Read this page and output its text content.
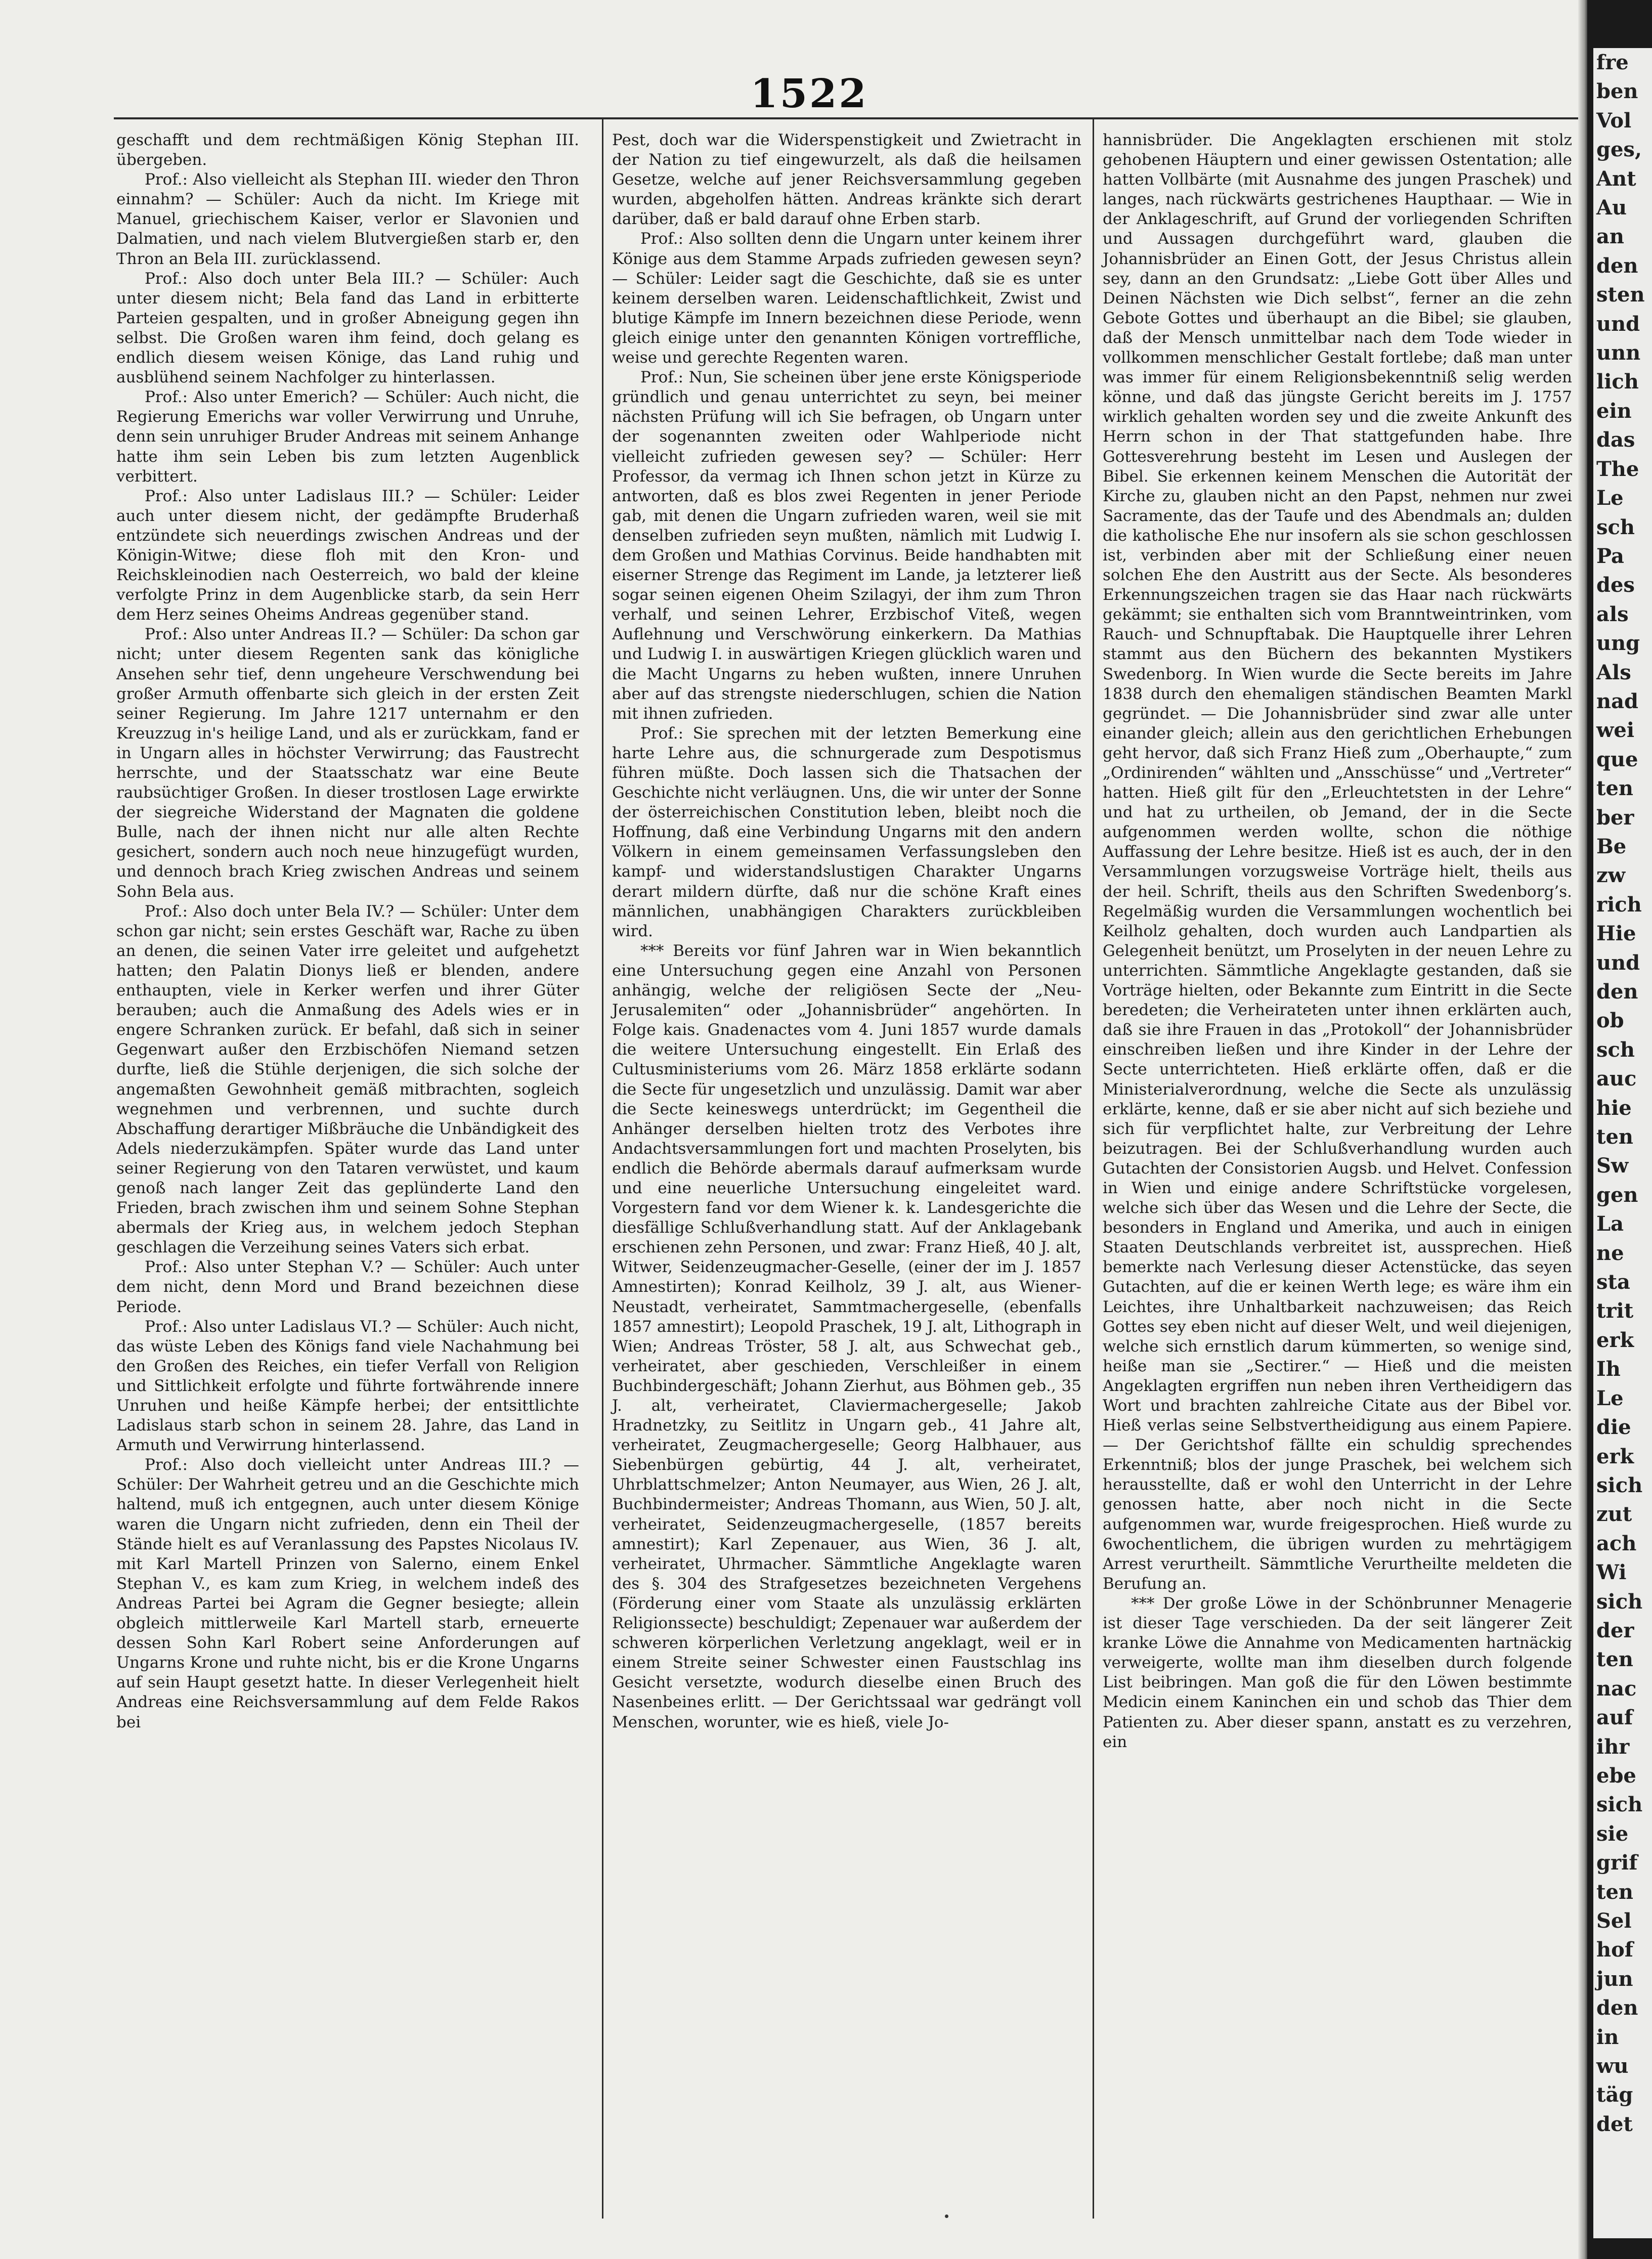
1522

geschafft und dem rechtmäßigen König Stephan III. übergeben.

Prof.: Also vielleicht als Stephan III. wieder den Thron einnahm? — Schüler: Auch da nicht. Im Kriege mit Manuel, griechischem Kaiser, verlor er Slavonien und Dalmatien, und nach vielem Blutvergießen starb er, den Thron an Bela III. zurücklassend.

Prof.: Also doch unter Bela III.? — Schüler: Auch unter diesem nicht; Bela fand das Land in erbitterte Parteien gespalten, und in großer Abneigung gegen ihn selbst. Die Großen waren ihm feind, doch gelang es endlich diesem weisen Könige, das Land ruhig und ausblühend seinem Nachfolger zu hinterlassen.

Prof.: Also unter Emerich? — Schüler: Auch nicht, die Regierung Emerichs war voller Verwirrung und Unruhe, denn sein unruhiger Bruder Andreas mit seinem Anhange hatte ihm sein Leben bis zum letzten Augenblick verbittert.

Prof.: Also unter Ladislaus III.? — Schüler: Leider auch unter diesem nicht, der gedämpfte Bruderhaß entzündete sich neuerdings zwischen Andreas und der Königin-Witwe; diese floh mit den Kron- und Reichskleinodien nach Oesterreich, wo bald der kleine verfolgte Prinz in dem Augenblicke starb, da sein Herr dem Herz seines Oheims Andreas gegenüber stand.

Prof.: Also unter Andreas II.? — Schüler: Da schon gar nicht; unter diesem Regenten sank das königliche Ansehen sehr tief, denn ungeheure Verschwendung bei großer Armuth offenbarte sich gleich in der ersten Zeit seiner Regierung. Im Jahre 1217 unternahm er den Kreuzzug in's heilige Land, und als er zurückkam, fand er in Ungarn alles in höchster Verwirrung; das Faustrecht herrschte, und der Staatsschatz war eine Beute raubsüchtiger Großen. In dieser trostlosen Lage erwirkte der siegreiche Widerstand der Magnaten die goldene Bulle, nach der ihnen nicht nur alle alten Rechte gesichert, sondern auch noch neue hinzugefügt wurden, und dennoch brach Krieg zwischen Andreas und seinem Sohn Bela aus.

Prof.: Also doch unter Bela IV.? — Schüler: Unter dem schon gar nicht; sein erstes Geschäft war, Rache zu üben an denen, die seinen Vater irre geleitet und aufgehetzt hatten; den Palatin Dionys ließ er blenden, andere enthaupten, viele in Kerker werfen und ihrer Güter berauben; auch die Anmaßung des Adels wies er in engere Schranken zurück. Er befahl, daß sich in seiner Gegenwart außer den Erzbischöfen Niemand setzen durfte, ließ die Stühle derjenigen, die sich solche der angemaßten Gewohnheit gemäß mitbrachten, sogleich wegnehmen und verbrennen, und suchte durch Abschaffung derartiger Mißbräuche die Unbändigkeit des Adels niederzukämpfen. Später wurde das Land unter seiner Regierung von den Tataren verwüstet, und kaum genoß nach langer Zeit das geplünderte Land den Frieden, brach zwischen ihm und seinem Sohne Stephan abermals der Krieg aus, in welchem jedoch Stephan geschlagen die Verzeihung seines Vaters sich erbat.

Prof.: Also unter Stephan V.? — Schüler: Auch unter dem nicht, denn Mord und Brand bezeichnen diese Periode.

Prof.: Also unter Ladislaus VI.? — Schüler: Auch nicht, das wüste Leben des Königs fand viele Nachahmung bei den Großen des Reiches, ein tiefer Verfall von Religion und Sittlichkeit erfolgte und führte fortwährende innere Unruhen und heiße Kämpfe herbei; der entsittlichte Ladislaus starb schon in seinem 28. Jahre, das Land in Armuth und Verwirrung hinterlassend.

Prof.: Also doch vielleicht unter Andreas III.? — Schüler: Der Wahrheit getreu und an die Geschichte mich haltend, muß ich entgegnen, auch unter diesem Könige waren die Ungarn nicht zufrieden, denn ein Theil der Stände hielt es auf Veranlassung des Papstes Nicolaus IV. mit Karl Martell Prinzen von Salerno, einem Enkel Stephan V., es kam zum Krieg, in welchem indeß des Andreas Partei bei Agram die Gegner besiegte; allein obgleich mittlerweile Karl Martell starb, erneuerte dessen Sohn Karl Robert seine Anforderungen auf Ungarns Krone und ruhte nicht, bis er die Krone Ungarns auf sein Haupt gesetzt hatte. In dieser Verlegenheit hielt Andreas eine Reichsversammlung auf dem Felde Rakos bei

Pest, doch war die Widerspenstigkeit und Zwietracht in der Nation zu tief eingewurzelt, als daß die heilsamen Gesetze, welche auf jener Reichsversammlung gegeben wurden, abgeholfen hätten. Andreas kränkte sich derart darüber, daß er bald darauf ohne Erben starb.

Prof.: Also sollten denn die Ungarn unter keinem ihrer Könige aus dem Stamme Arpads zufrieden gewesen seyn? — Schüler: Leider sagt die Geschichte, daß sie es unter keinem derselben waren. Leidenschaftlichkeit, Zwist und blutige Kämpfe im Innern bezeichnen diese Periode, wenn gleich einige unter den genannten Königen vortreffliche, weise und gerechte Regenten waren.

Prof.: Nun, Sie scheinen über jene erste Königsperiode gründlich und genau unterrichtet zu seyn, bei meiner nächsten Prüfung will ich Sie befragen, ob Ungarn unter der sogenannten zweiten oder Wahlperiode nicht vielleicht zufrieden gewesen sey? — Schüler: Herr Professor, da vermag ich Ihnen schon jetzt in Kürze zu antworten, daß es blos zwei Regenten in jener Periode gab, mit denen die Ungarn zufrieden waren, weil sie mit denselben zufrieden seyn mußten, nämlich mit Ludwig I. dem Großen und Mathias Corvinus. Beide handhabten mit eiserner Strenge das Regiment im Lande, ja letzterer ließ sogar seinen eigenen Oheim Szilagyi, der ihm zum Thron verhalf, und seinen Lehrer, Erzbischof Viteß, wegen Auflehnung und Verschwörung einkerkern. Da Mathias und Ludwig I. in auswärtigen Kriegen glücklich waren und die Macht Ungarns zu heben wußten, innere Unruhen aber auf das strengste niederschlugen, schien die Nation mit ihnen zufrieden.

Prof.: Sie sprechen mit der letzten Bemerkung eine harte Lehre aus, die schnurgerade zum Despotismus führen müßte. Doch lassen sich die Thatsachen der Geschichte nicht verläugnen. Uns, die wir unter der Sonne der österreichischen Constitution leben, bleibt noch die Hoffnung, daß eine Verbindung Ungarns mit den andern Völkern in einem gemeinsamen Verfassungsleben den kampf- und widerstandslustigen Charakter Ungarns derart mildern dürfte, daß nur die schöne Kraft eines männlichen, unabhängigen Charakters zurückbleiben wird.

*** Bereits vor fünf Jahren war in Wien bekanntlich eine Untersuchung gegen eine Anzahl von Personen anhängig, welche der religiösen Secte der „Neu-Jerusalemiten“ oder „Johannisbrüder“ angehörten. In Folge kais. Gnadenactes vom 4. Juni 1857 wurde damals die weitere Untersuchung eingestellt. Ein Erlaß des Cultusministeriums vom 26. März 1858 erklärte sodann die Secte für ungesetzlich und unzulässig. Damit war aber die Secte keineswegs unterdrückt; im Gegentheil die Anhänger derselben hielten trotz des Verbotes ihre Andachtsversammlungen fort und machten Proselyten, bis endlich die Behörde abermals darauf aufmerksam wurde und eine neuerliche Untersuchung eingeleitet ward. Vorgestern fand vor dem Wiener k. k. Landesgerichte die diesfällige Schlußverhandlung statt. Auf der Anklagebank erschienen zehn Personen, und zwar: Franz Hieß, 40 J. alt, Witwer, Seidenzeugmacher-Geselle, (einer der im J. 1857 Amnestirten); Konrad Keilholz, 39 J. alt, aus Wiener-Neustadt, verheiratet, Sammtmachergeselle, (ebenfalls 1857 amnestirt); Leopold Praschek, 19 J. alt, Lithograph in Wien; Andreas Tröster, 58 J. alt, aus Schwechat geb., verheiratet, aber geschieden, Verschleißer in einem Buchbindergeschäft; Johann Zierhut, aus Böhmen geb., 35 J. alt, verheiratet, Claviermachergeselle; Jakob Hradnetzky, zu Seitlitz in Ungarn geb., 41 Jahre alt, verheiratet, Zeugmachergeselle; Georg Halbhauer, aus Siebenbürgen gebürtig, 44 J. alt, verheiratet, Uhrblattschmelzer; Anton Neumayer, aus Wien, 26 J. alt, Buchbindermeister; Andreas Thomann, aus Wien, 50 J. alt, verheiratet, Seidenzeugmachergeselle, (1857 bereits amnestirt); Karl Zepenauer, aus Wien, 36 J. alt, verheiratet, Uhrmacher. Sämmtliche Angeklagte waren des §. 304 des Strafgesetzes bezeichneten Vergehens (Förderung einer vom Staate als unzulässig erklärten Religionssecte) beschuldigt; Zepenauer war außerdem der schweren körperlichen Verletzung angeklagt, weil er in einem Streite seiner Schwester einen Faustschlag ins Gesicht versetzte, wodurch dieselbe einen Bruch des Nasenbeines erlitt. — Der Gerichtssaal war gedrängt voll Menschen, worunter, wie es hieß, viele Jo-

hannisbrüder. Die Angeklagten erschienen mit stolz gehobenen Häuptern und einer gewissen Ostentation; alle hatten Vollbärte (mit Ausnahme des jungen Praschek) und langes, nach rückwärts gestrichenes Haupthaar. — Wie in der Anklageschrift, auf Grund der vorliegenden Schriften und Aussagen durchgeführt ward, glauben die Johannisbrüder an Einen Gott, der Jesus Christus allein sey, dann an den Grundsatz: „Liebe Gott über Alles und Deinen Nächsten wie Dich selbst“, ferner an die zehn Gebote Gottes und überhaupt an die Bibel; sie glauben, daß der Mensch unmittelbar nach dem Tode wieder in vollkommen menschlicher Gestalt fortlebe; daß man unter was immer für einem Religionsbekenntniß selig werden könne, und daß das jüngste Gericht bereits im J. 1757 wirklich gehalten worden sey und die zweite Ankunft des Herrn schon in der That stattgefunden habe. Ihre Gottesverehrung besteht im Lesen und Auslegen der Bibel. Sie erkennen keinem Menschen die Autorität der Kirche zu, glauben nicht an den Papst, nehmen nur zwei Sacramente, das der Taufe und des Abendmals an; dulden die katholische Ehe nur insofern als sie schon geschlossen ist, verbinden aber mit der Schließung einer neuen solchen Ehe den Austritt aus der Secte. Als besonderes Erkennungszeichen tragen sie das Haar nach rückwärts gekämmt; sie enthalten sich vom Branntweintrinken, vom Rauch- und Schnupftabak. Die Hauptquelle ihrer Lehren stammt aus den Büchern des bekannten Mystikers Swedenborg. In Wien wurde die Secte bereits im Jahre 1838 durch den ehemaligen ständischen Beamten Markl gegründet. — Die Johannisbrüder sind zwar alle unter einander gleich; allein aus den gerichtlichen Erhebungen geht hervor, daß sich Franz Hieß zum „Oberhaupte,“ zum „Ordinirenden“ wählten und „Ansschüsse“ und „Vertreter“ hatten. Hieß gilt für den „Erleuchtetsten in der Lehre“ und hat zu urtheilen, ob Jemand, der in die Secte aufgenommen werden wollte, schon die nöthige Auffassung der Lehre besitze. Hieß ist es auch, der in den Versammlungen vorzugsweise Vorträge hielt, theils aus der heil. Schrift, theils aus den Schriften Swedenborg’s. Regelmäßig wurden die Versammlungen wochentlich bei Keilholz gehalten, doch wurden auch Landpartien als Gelegenheit benützt, um Proselyten in der neuen Lehre zu unterrichten. Sämmtliche Angeklagte gestanden, daß sie Vorträge hielten, oder Bekannte zum Eintritt in die Secte beredeten; die Verheirateten unter ihnen erklärten auch, daß sie ihre Frauen in das „Protokoll“ der Johannisbrüder einschreiben ließen und ihre Kinder in der Lehre der Secte unterrichteten. Hieß erklärte offen, daß er die Ministerialverordnung, welche die Secte als unzulässig erklärte, kenne, daß er sie aber nicht auf sich beziehe und sich für verpflichtet halte, zur Verbreitung der Lehre beizutragen. Bei der Schlußverhandlung wurden auch Gutachten der Consistorien Augsb. und Helvet. Confession in Wien und einige andere Schriftstücke vorgelesen, welche sich über das Wesen und die Lehre der Secte, die besonders in England und Amerika, und auch in einigen Staaten Deutschlands verbreitet ist, aussprechen. Hieß bemerkte nach Verlesung dieser Actenstücke, das seyen Gutachten, auf die er keinen Werth lege; es wäre ihm ein Leichtes, ihre Unhaltbarkeit nachzuweisen; das Reich Gottes sey eben nicht auf dieser Welt, und weil diejenigen, welche sich ernstlich darum kümmerten, so wenige sind, heiße man sie „Sectirer.“ — Hieß und die meisten Angeklagten ergriffen nun neben ihren Vertheidigern das Wort und brachten zahlreiche Citate aus der Bibel vor. Hieß verlas seine Selbstvertheidigung aus einem Papiere. — Der Gerichtshof fällte ein schuldig sprechendes Erkenntniß; blos der junge Praschek, bei welchem sich herausstellte, daß er wohl den Unterricht in der Lehre genossen hatte, aber noch nicht in die Secte aufgenommen war, wurde freigesprochen. Hieß wurde zu 6wochentlichem, die übrigen wurden zu mehrtägigem Arrest verurtheilt. Sämmtliche Verurtheilte meldeten die Berufung an.

*** Der große Löwe in der Schönbrunner Menagerie ist dieser Tage verschieden. Da der seit längerer Zeit kranke Löwe die Annahme von Medicamenten hartnäckig verweigerte, wollte man ihm dieselben durch folgende List beibringen. Man goß die für den Löwen bestimmte Medicin einem Kaninchen ein und schob das Thier dem Patienten zu. Aber dieser spann, anstatt es zu verzehren, ein

fre
ben
Vol
ges,
Ant
Au
an
den
sten
und
unn
lich
ein
das
The
Le
sch
Pa
des
als
ung
Als
nad
wei
que
ten
ber
Be
zw
rich
Hie
und
den
ob
sch
auc
hie
ten
Sw
gen
La
ne
sta
trit
erk
Ih
Le
die
erk
sich
zut
ach
Wi
sich
der
ten
nac
auf
ihr
ebe
sich
sie
grif
ten
Sel
hof
jun
den
in
wu
täg
det
